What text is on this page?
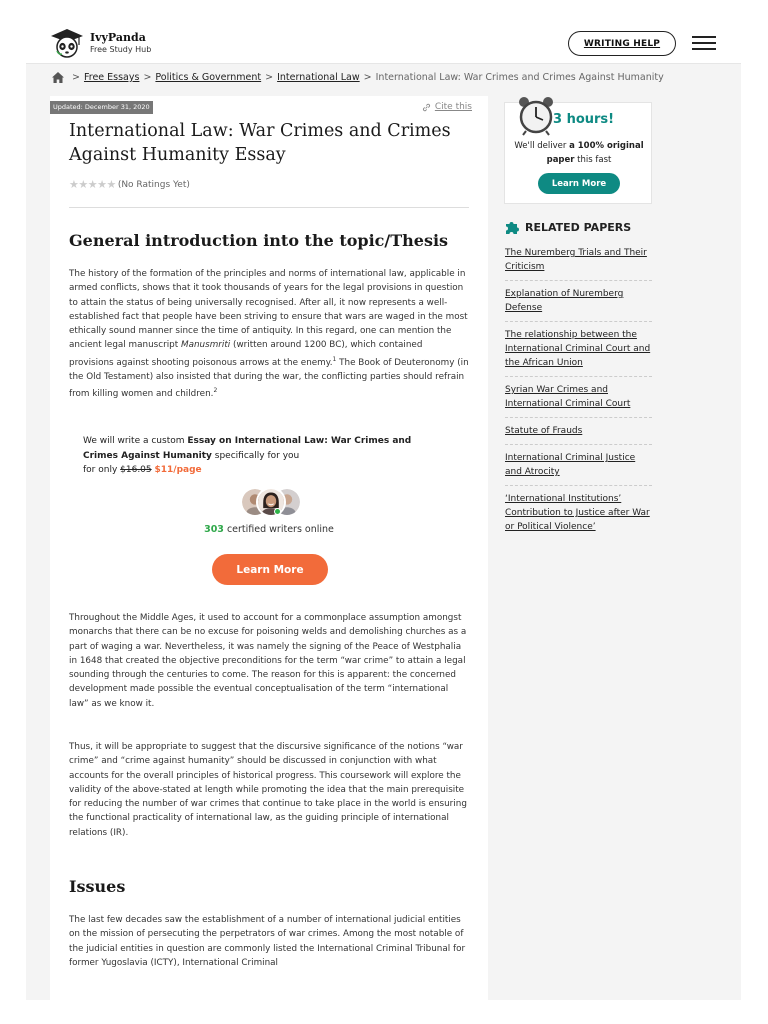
IvyPanda
Free Study Hub
WRITING HELP
> Free Essays > Politics & Government > International Law > International Law: War Crimes and Crimes Against Humanity
Updated: December 31, 2020	Cite this
International Law: War Crimes and Crimes Against Humanity Essay
★★★★★ (No Ratings Yet)
General introduction into the topic/Thesis

The history of the formation of the principles and norms of international law, applicable in armed conflicts, shows that it took thousands of years for the legal provisions in question to attain the status of being universally recognised. After all, it now represents a well-established fact that people have been striving to ensure that wars are waged in the most ethically sound manner since the time of antiquity. In this regard, one can mention the ancient legal manuscript Manusmriti (written around 1200 BC), which contained provisions against shooting poisonous arrows at the enemy.$^1$ The Book of Deuteronomy (in the Old Testament) also insisted that during the war, the conflicting parties should refrain from killing women and children.$^2$

We will write a custom Essay on International Law: War Crimes and Crimes Against Humanity specifically for you
for only $16.05 $11/page
303 certified writers online
Learn More

Throughout the Middle Ages, it used to account for a commonplace assumption amongst monarchs that there can be no excuse for poisoning welds and demolishing churches as a part of waging a war. Nevertheless, it was namely the signing of the Peace of Westphalia in 1648 that created the objective preconditions for the term “war crime” to attain a legal sounding through the centuries to come. The reason for this is apparent: the concerned development made possible the eventual conceptualisation of the term “international law” as we know it.

Thus, it will be appropriate to suggest that the discursive significance of the notions “war crime” and “crime against humanity” should be discussed in conjunction with what accounts for the overall principles of historical progress. This coursework will explore the validity of the above-stated at length while promoting the idea that the main prerequisite for reducing the number of war crimes that continue to take place in the world is ensuring the functional practicality of international law, as the guiding principle of international relations (IR).

Issues

The last few decades saw the establishment of a number of international judicial entities on the mission of persecuting the perpetrators of war crimes. Among the most notable of the judicial entities in question are commonly listed the International Criminal Tribunal for former Yugoslavia (ICTY), International Criminal

3 hours!
We'll deliver a 100% original paper this fast
Learn More
RELATED PAPERS
The Nuremberg Trials and Their Criticism
Explanation of Nuremberg Defense
The relationship between the International Criminal Court and the African Union
Syrian War Crimes and International Criminal Court
Statute of Frauds
International Criminal Justice and Atrocity
‘International Institutions’ Contribution to Justice after War or Political Violence’
